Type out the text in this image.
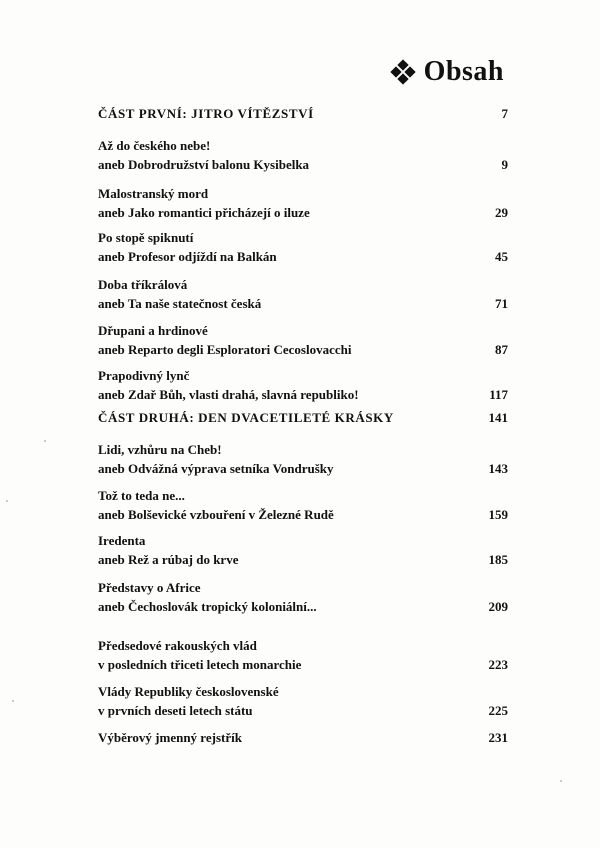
Obsah
ČÁST PRVNÍ: JITRO VÍTĚZSTVÍ	7
Až do českého nebe!
aneb Dobrodružství balonu Kysibelka	9
Malostranský mord
aneb Jako romantici přicházejí o iluze	29
Po stopě spiknutí
aneb Profesor odjíždí na Balkán	45
Doba tříkrálová
aneb Ta naše statečnost česká	71
Dřupani a hrdinové
aneb Reparto degli Esploratori Cecoslovacchi	87
Prapodivný lynč
aneb Zdař Bůh, vlasti drahá, slavná republiko!	117
ČÁST DRUHÁ: DEN DVACETILETÉ KRÁSKY	141
Lidi, vzhůru na Cheb!
aneb Odvážná výprava setníka Vondrušky	143
Tož to teda ne...
aneb Bolševické vzbouření v Železné Rudě	159
Iredenta
aneb Rež a rúbaj do krve	185
Představy o Africe
aneb Čechoslovák tropický koloniální...	209
Předsedové rakouských vlád
v posledních třiceti letech monarchie	223
Vlády Republiky československé
v prvních deseti letech státu	225
Výběrový jmenný rejstřík	231
